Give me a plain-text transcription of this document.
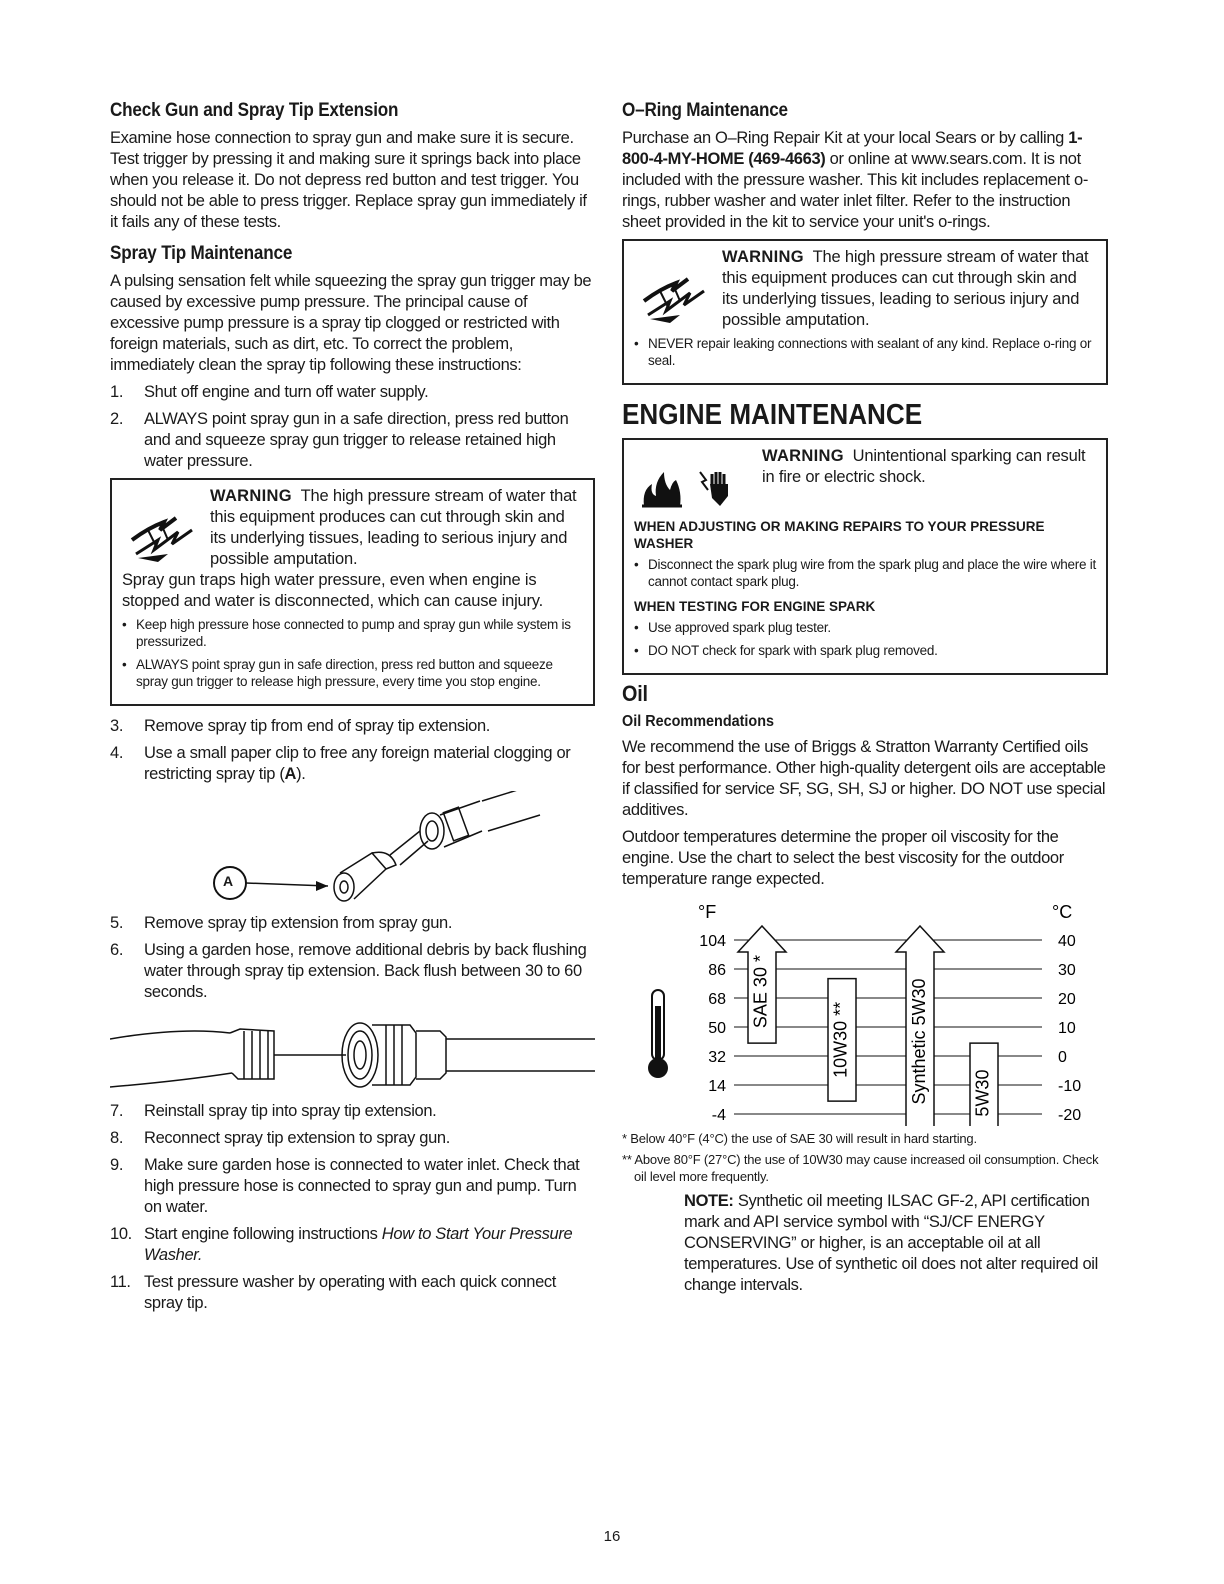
Check Gun and Spray Tip Extension

Examine hose connection to spray gun and make sure it is secure. Test trigger by pressing it and making sure it springs back into place when you release it. Do not depress red button and test trigger. You should not be able to press trigger. Replace spray gun immediately if it fails any of these tests.

Spray Tip Maintenance

A pulsing sensation felt while squeezing the spray gun trigger may be caused by excessive pump pressure. The principal cause of excessive pump pressure is a spray tip clogged or restricted with foreign materials, such as dirt, etc. To correct the problem, immediately clean the spray tip following these instructions:

1. Shut off engine and turn off water supply.
2. ALWAYS point spray gun in a safe direction, press red button and and squeeze spray gun trigger to release retained high water pressure.
WARNING The high pressure stream of water that this equipment produces can cut through skin and its underlying tissues, leading to serious injury and possible amputation.
Spray gun traps high water pressure, even when engine is stopped and water is disconnected, which can cause injury.
• Keep high pressure hose connected to pump and spray gun while system is pressurized.
• ALWAYS point spray gun in safe direction, press red button and squeeze spray gun trigger to release high pressure, every time you stop engine.
3. Remove spray tip from end of spray tip extension.
4. Use a small paper clip to free any foreign material clogging or restricting spray tip (A).
A
5. Remove spray tip extension from spray gun.
6. Using a garden hose, remove additional debris by back flushing water through spray tip extension. Back flush between 30 to 60 seconds.
7. Reinstall spray tip into spray tip extension.
8. Reconnect spray tip extension to spray gun.
9. Make sure garden hose is connected to water inlet. Check that high pressure hose is connected to spray gun and pump. Turn on water.
10. Start engine following instructions How to Start Your Pressure Washer.
11. Test pressure washer by operating with each quick connect spray tip.
O–Ring Maintenance

Purchase an O–Ring Repair Kit at your local Sears or by calling 1-800-4-MY-HOME (469-4663) or online at www.sears.com. It is not included with the pressure washer. This kit includes replacement o-rings, rubber washer and water inlet filter. Refer to the instruction sheet provided in the kit to service your unit's o-rings.

WARNING The high pressure stream of water that this equipment produces can cut through skin and its underlying tissues, leading to serious injury and possible amputation.
• NEVER repair leaking connections with sealant of any kind. Replace o-ring or seal.
ENGINE MAINTENANCE

WARNING Unintentional sparking can result in fire or electric shock.
WHEN ADJUSTING OR MAKING REPAIRS TO YOUR PRESSURE WASHER
• Disconnect the spark plug wire from the spark plug and place the wire where it cannot contact spark plug.
WHEN TESTING FOR ENGINE SPARK
• Use approved spark plug tester.
• DO NOT check for spark with spark plug removed.
Oil
Oil Recommendations

We recommend the use of Briggs & Stratton Warranty Certified oils for best performance. Other high-quality detergent oils are acceptable if classified for service SF, SG, SH, SJ or higher. DO NOT use special additives.

Outdoor temperatures determine the proper oil viscosity for the engine. Use the chart to select the best viscosity for the outdoor temperature range expected.

°F	°C
104
86
68
50
32
14
-4
40
30
20
10
0
-10
-20
SAE 30 *
10W30 **	Synthetic 5W30 5W30

* Below 40°F (4°C) the use of SAE 30 will result in hard starting.

** Above 80°F (27°C) the use of 10W30 may cause increased oil consumption. Check oil level more frequently.

NOTE: Synthetic oil meeting ILSAC GF-2, API certification mark and API service symbol with “SJ/CF ENERGY CONSERVING” or higher, is an acceptable oil at all temperatures. Use of synthetic oil does not alter required oil change intervals.
16
